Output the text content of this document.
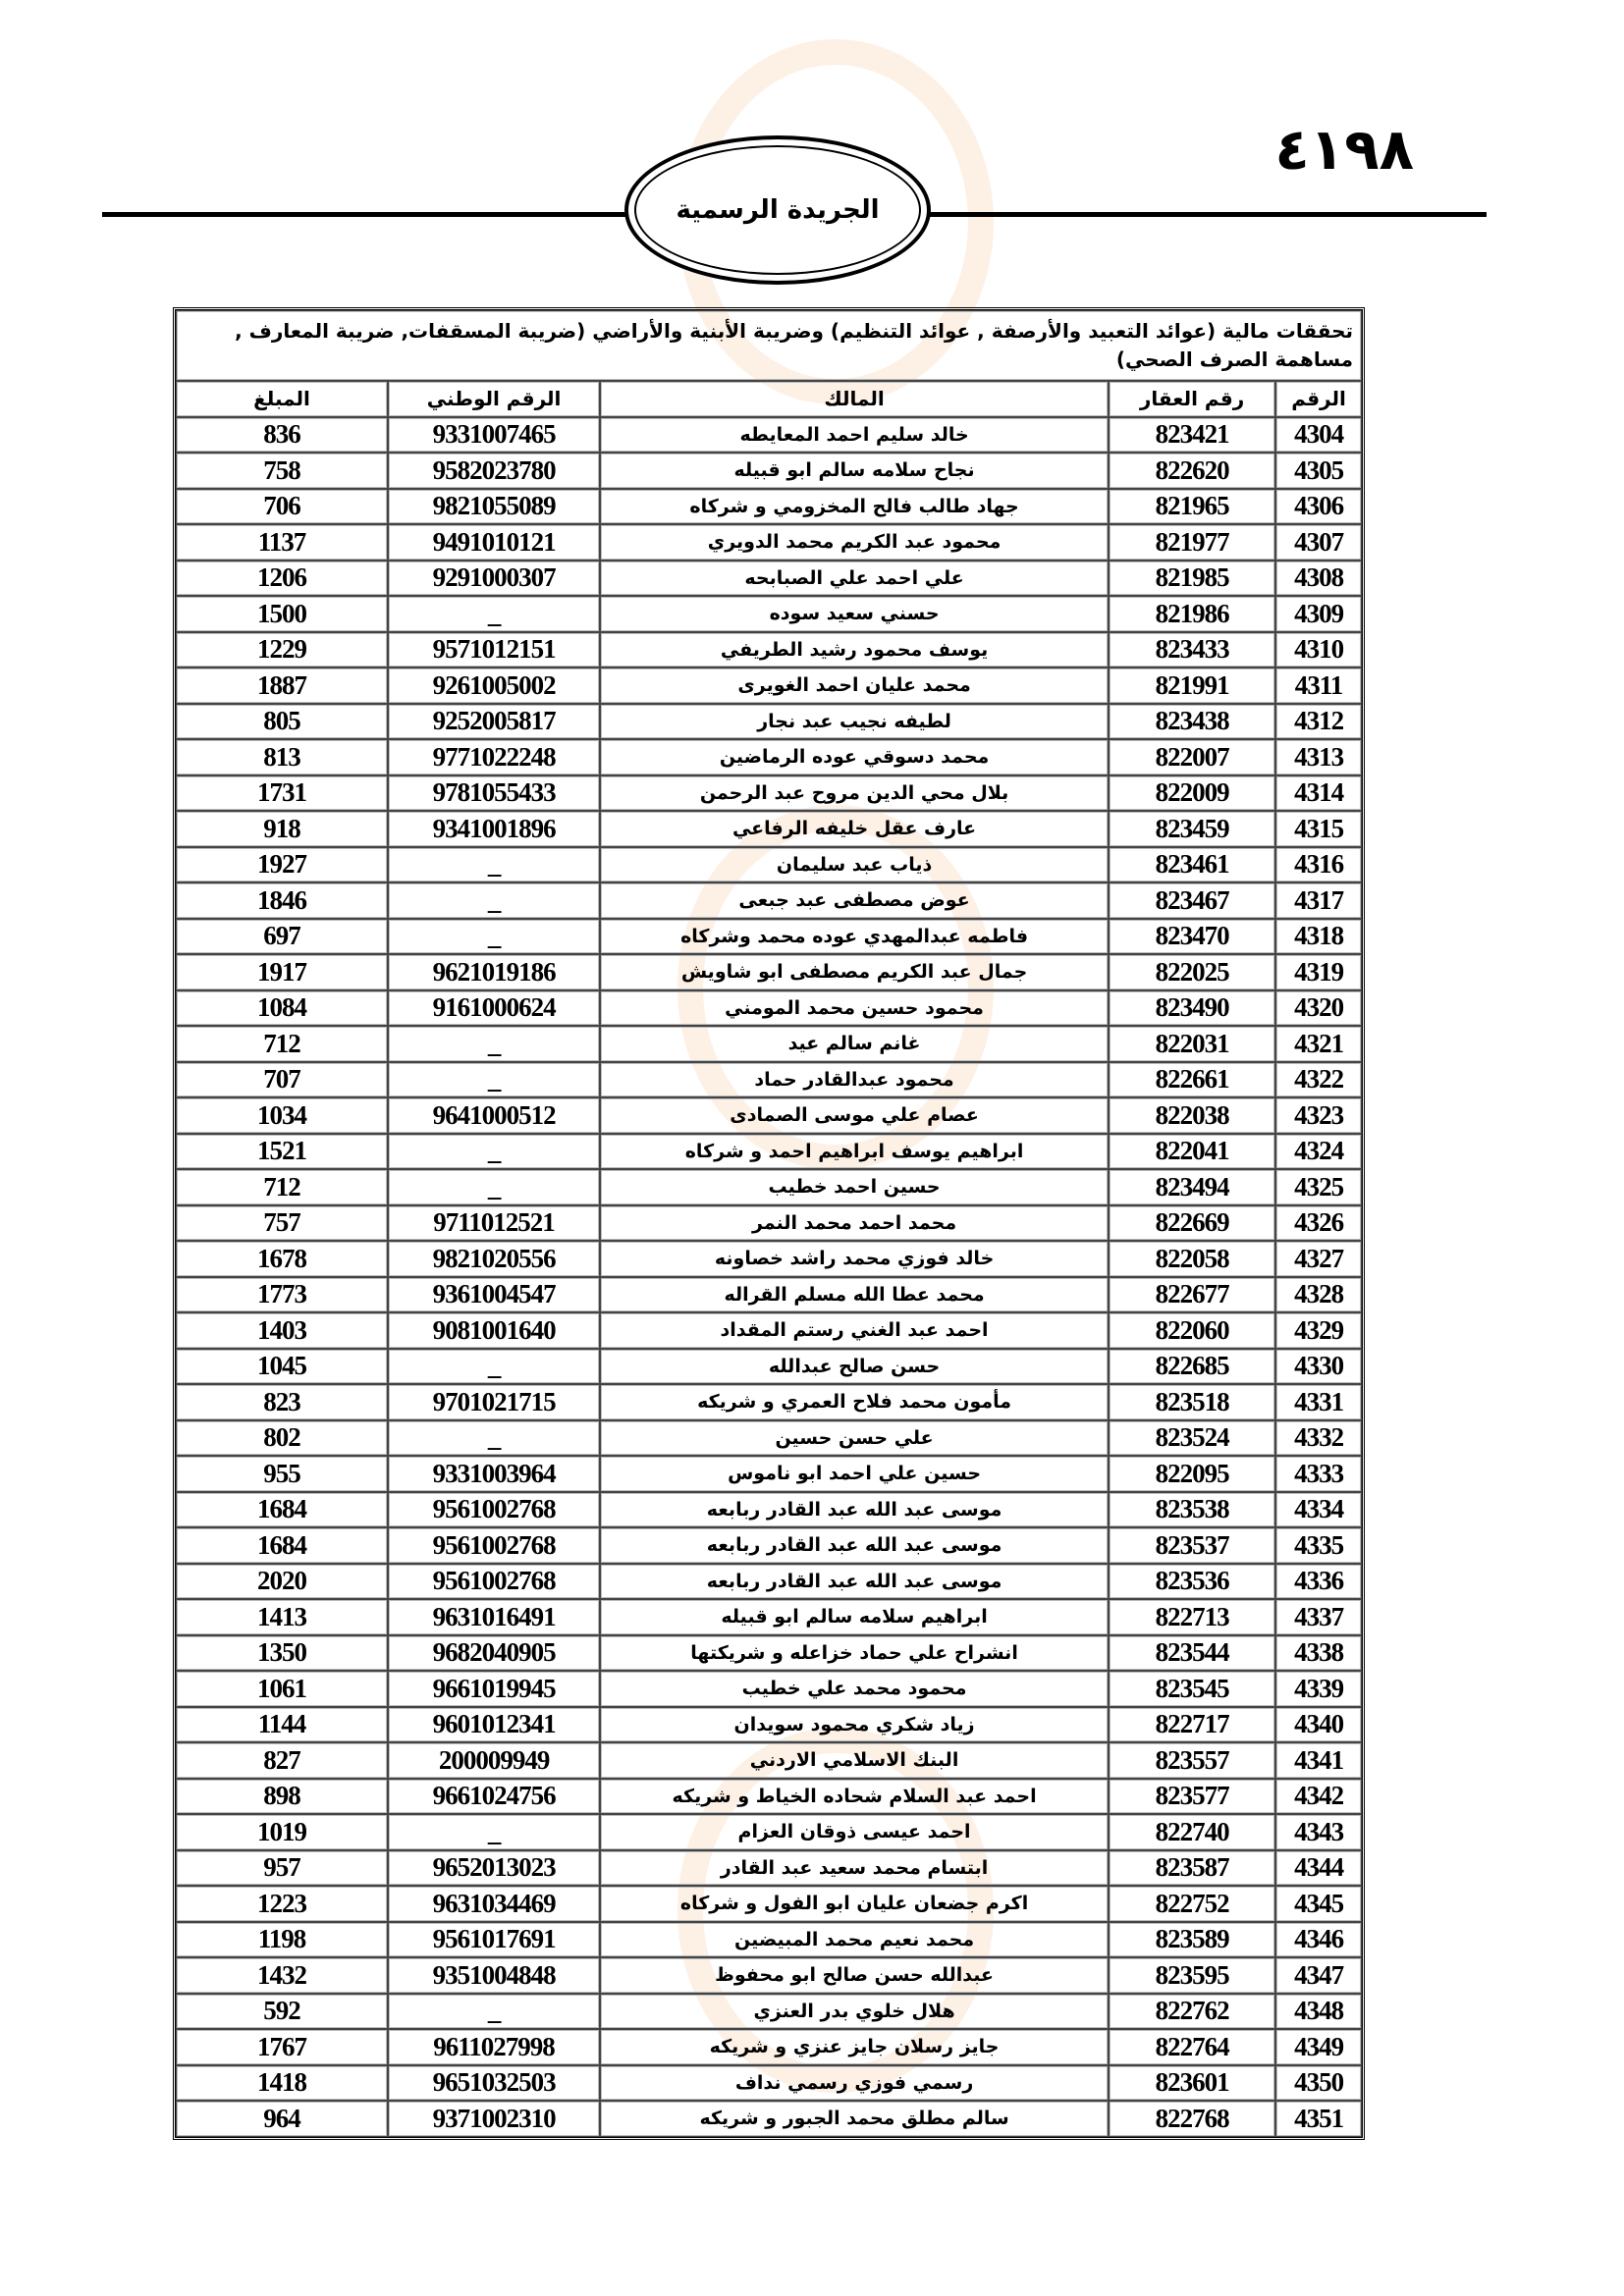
٤١٩٨
الجريدة الرسمية
تحققات مالية (عوائد التعبيد والأرصفة , عوائد التنظيم) وضريبة الأبنية والأراضي (ضريبة المسقفات, ضريبة المعارف , مساهمة الصرف الصحي)				
الرقم	رقم العقار	المالك	الرقم الوطني	المبلغ
4304	823421	خالد سليم احمد المعايطه	9331007465	836
4305	822620	نجاح سلامه سالم ابو قبيله	9582023780	758
4306	821965	جهاد طالب فالح المخزومي و شركاه	9821055089	706
4307	821977	محمود عبد الكريم محمد الدويري	9491010121	1137
4308	821985	علي احمد علي الصبابحه	9291000307	1206
4309	821986	حسني سعيد سوده	_	1500
4310	823433	يوسف محمود رشيد الطريفي	9571012151	1229
4311	821991	محمد عليان احمد الغويرى	9261005002	1887
4312	823438	لطيفه نجيب عبد نجار	9252005817	805
4313	822007	محمد دسوقي عوده الرماضين	9771022248	813
4314	822009	بلال محي الدين مروح عبد الرحمن	9781055433	1731
4315	823459	عارف عقل خليفه الرفاعي	9341001896	918
4316	823461	ذياب عبد سليمان	_	1927
4317	823467	عوض مصطفى عبد جبعى	_	1846
4318	823470	فاطمه عبدالمهدي عوده محمد وشركاه	_	697
4319	822025	جمال عبد الكريم مصطفى ابو شاويش	9621019186	1917
4320	823490	محمود حسين محمد المومني	9161000624	1084
4321	822031	غانم سالم عيد	_	712
4322	822661	محمود عبدالقادر حماد	_	707
4323	822038	عصام علي موسى الصمادى	9641000512	1034
4324	822041	ابراهيم يوسف ابراهيم احمد و شركاه	_	1521
4325	823494	حسين احمد خطيب	_	712
4326	822669	محمد احمد محمد النمر	9711012521	757
4327	822058	خالد فوزي محمد راشد خصاونه	9821020556	1678
4328	822677	محمد عطا الله مسلم القراله	9361004547	1773
4329	822060	احمد عبد الغني رستم المقداد	9081001640	1403
4330	822685	حسن صالح عبدالله	_	1045
4331	823518	مأمون محمد فلاح العمري و شريكه	9701021715	823
4332	823524	علي حسن حسين	_	802
4333	822095	حسين علي احمد ابو ناموس	9331003964	955
4334	823538	موسى عبد الله عبد القادر ربابعه	9561002768	1684
4335	823537	موسى عبد الله عبد القادر ربابعه	9561002768	1684
4336	823536	موسى عبد الله عبد القادر ربابعه	9561002768	2020
4337	822713	ابراهيم سلامه سالم ابو قبيله	9631016491	1413
4338	823544	انشراح علي حماد خزاعله و شريكتها	9682040905	1350
4339	823545	محمود محمد علي خطيب	9661019945	1061
4340	822717	زياد شكري محمود سويدان	9601012341	1144
4341	823557	البنك الاسلامي الاردني	200009949	827
4342	823577	احمد عبد السلام شحاده الخياط و شريكه	9661024756	898
4343	822740	احمد عيسى ذوقان العزام	_	1019
4344	823587	ابتسام محمد سعيد عبد القادر	9652013023	957
4345	822752	اكرم جضعان عليان ابو الفول و شركاه	9631034469	1223
4346	823589	محمد نعيم محمد المبيضين	9561017691	1198
4347	823595	عبدالله حسن صالح ابو محفوظ	9351004848	1432
4348	822762	هلال خلوي بدر العنزي	_	592
4349	822764	جايز رسلان جايز عنزي و شريكه	9611027998	1767
4350	823601	رسمي فوزي رسمي نداف	9651032503	1418
4351	822768	سالم مطلق محمد الجبور و شريكه	9371002310	964
